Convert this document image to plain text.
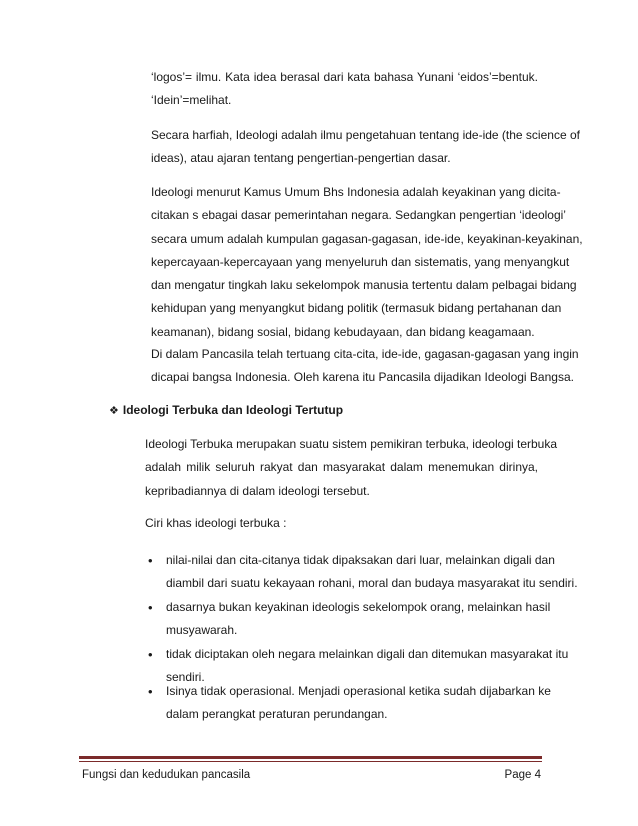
‘logos’= ilmu. Kata idea berasal dari kata bahasa Yunani ‘eidos’=bentuk.
‘Idein’=melihat.
Secara harfiah, Ideologi adalah ilmu pengetahuan tentang ide-ide (the science of
ideas), atau ajaran tentang pengertian-pengertian dasar.
Ideologi menurut Kamus Umum Bhs Indonesia adalah keyakinan yang dicita-
citakan s ebagai dasar pemerintahan negara. Sedangkan pengertian ‘ideologi’
secara umum adalah kumpulan gagasan-gagasan, ide-ide, keyakinan-keyakinan,
kepercayaan-kepercayaan yang menyeluruh dan sistematis, yang menyangkut
dan mengatur tingkah laku sekelompok manusia tertentu dalam pelbagai bidang
kehidupan yang menyangkut bidang politik (termasuk bidang pertahanan dan
keamanan), bidang sosial, bidang kebudayaan, dan bidang keagamaan.
Di dalam Pancasila telah tertuang cita-cita, ide-ide, gagasan-gagasan yang ingin
dicapai bangsa Indonesia. Oleh karena itu Pancasila dijadikan Ideologi Bangsa.
❖ Ideologi Terbuka dan Ideologi Tertutup
Ideologi Terbuka merupakan suatu sistem pemikiran terbuka, ideologi terbuka
adalah milik seluruh rakyat dan masyarakat dalam menemukan dirinya,
kepribadiannya di dalam ideologi tersebut.
Ciri khas ideologi terbuka :
• nilai-nilai dan cita-citanya tidak dipaksakan dari luar, melainkan digali dan
diambil dari suatu kekayaan rohani, moral dan budaya masyarakat itu sendiri.
• dasarnya bukan keyakinan ideologis sekelompok orang, melainkan hasil
musyawarah.
• tidak diciptakan oleh negara melainkan digali dan ditemukan masyarakat itu
sendiri.
• Isinya tidak operasional. Menjadi operasional ketika sudah dijabarkan ke
dalam perangkat peraturan perundangan.
Fungsi dan kedudukan pancasila	Page 4
